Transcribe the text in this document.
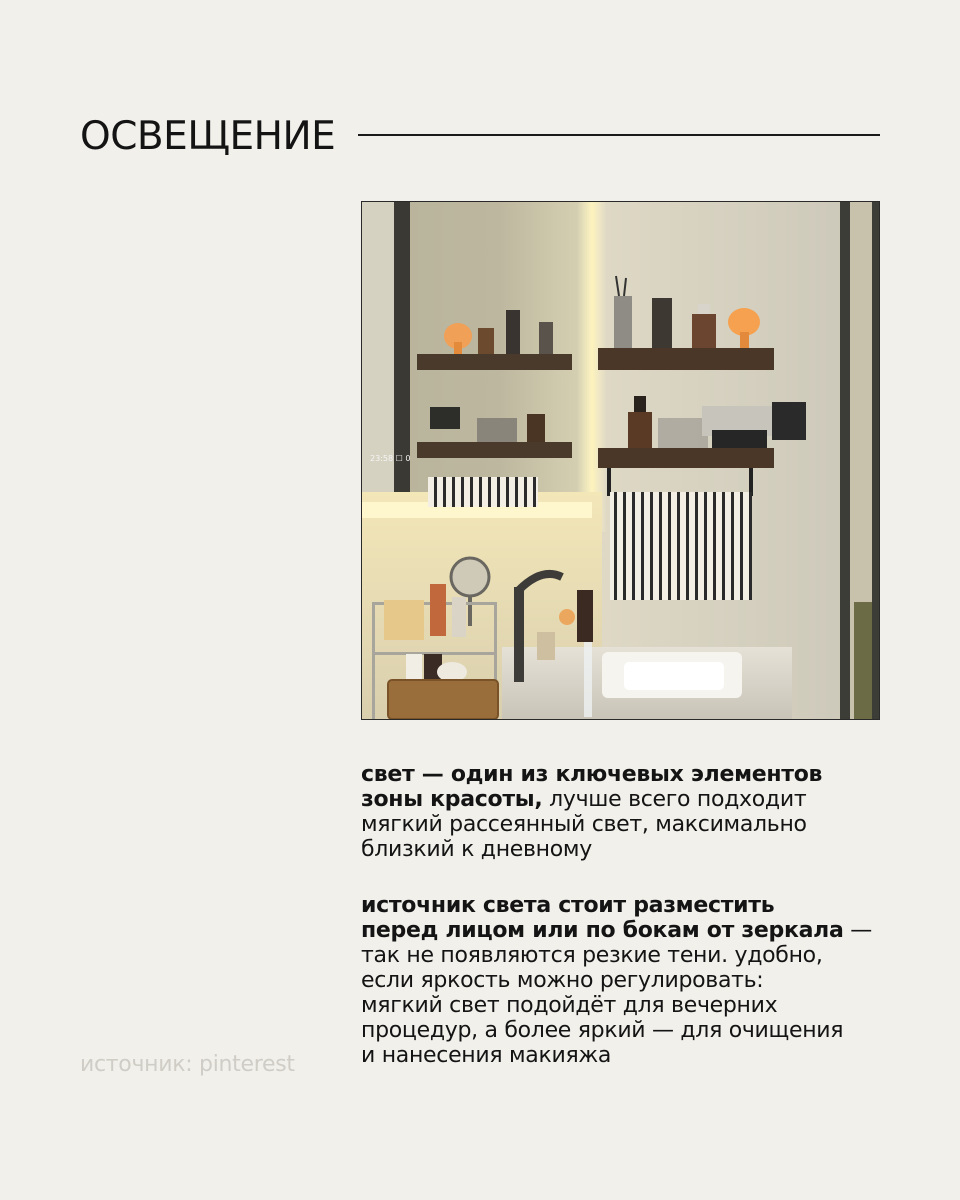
ОСВЕЩЕНИЕ
23:58 ☐ 0
свет — один из ключевых элементов
зоны красоты, лучше всего подходит
мягкий рассеянный свет, максимально
близкий к дневному
источник света стоит разместить
перед лицом или по бокам от зеркала —
так не появляются резкие тени. удобно,
если яркость можно регулировать:
мягкий свет подойдёт для вечерних
процедур, а более яркий — для очищения
и нанесения макияжа
источник: pinterest
